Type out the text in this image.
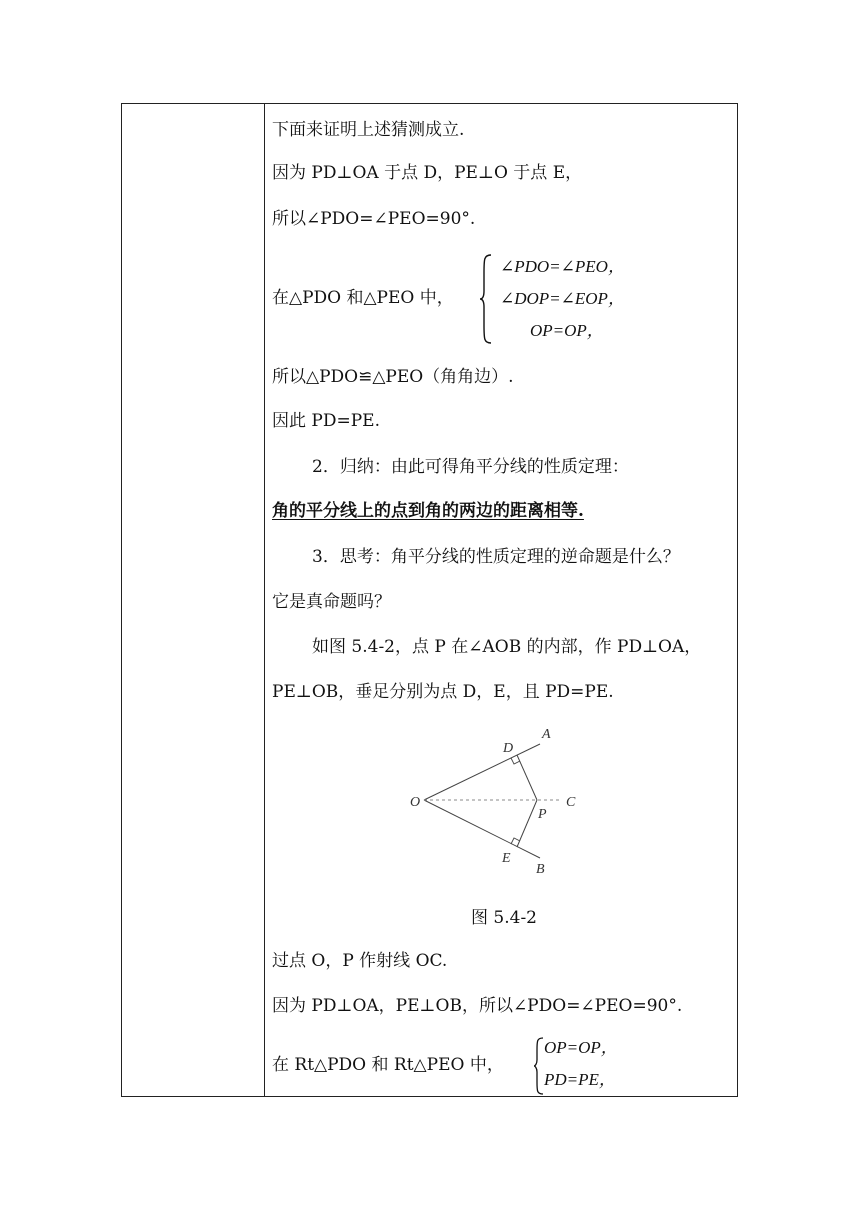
下面来证明上述猜测成立.
因为 PD⊥OA 于点 D，PE⊥O 于点 E，
所以∠PDO=∠PEO=90°.
在△PDO 和△PEO 中，
∠PDO=∠PEO，
∠DOP=∠EOP，
OP=OP，
所以△PDO≌△PEO（角角边）.
因此 PD=PE.
2．归纳：由此可得角平分线的性质定理：
角的平分线上的点到角的两边的距离相等.
3．思考：角平分线的性质定理的逆命题是什么？
它是真命题吗？
如图 5.4-2，点 P 在∠AOB 的内部，作 PD⊥OA，
PE⊥OB，垂足分别为点 D，E，且 PD=PE.
O
A
D
C
P
E
B
图 5.4-2
过点 O，P 作射线 OC.
因为 PD⊥OA，PE⊥OB，所以∠PDO=∠PEO=90°.
在 Rt△PDO 和 Rt△PEO 中，
OP=OP，
PD=PE，
